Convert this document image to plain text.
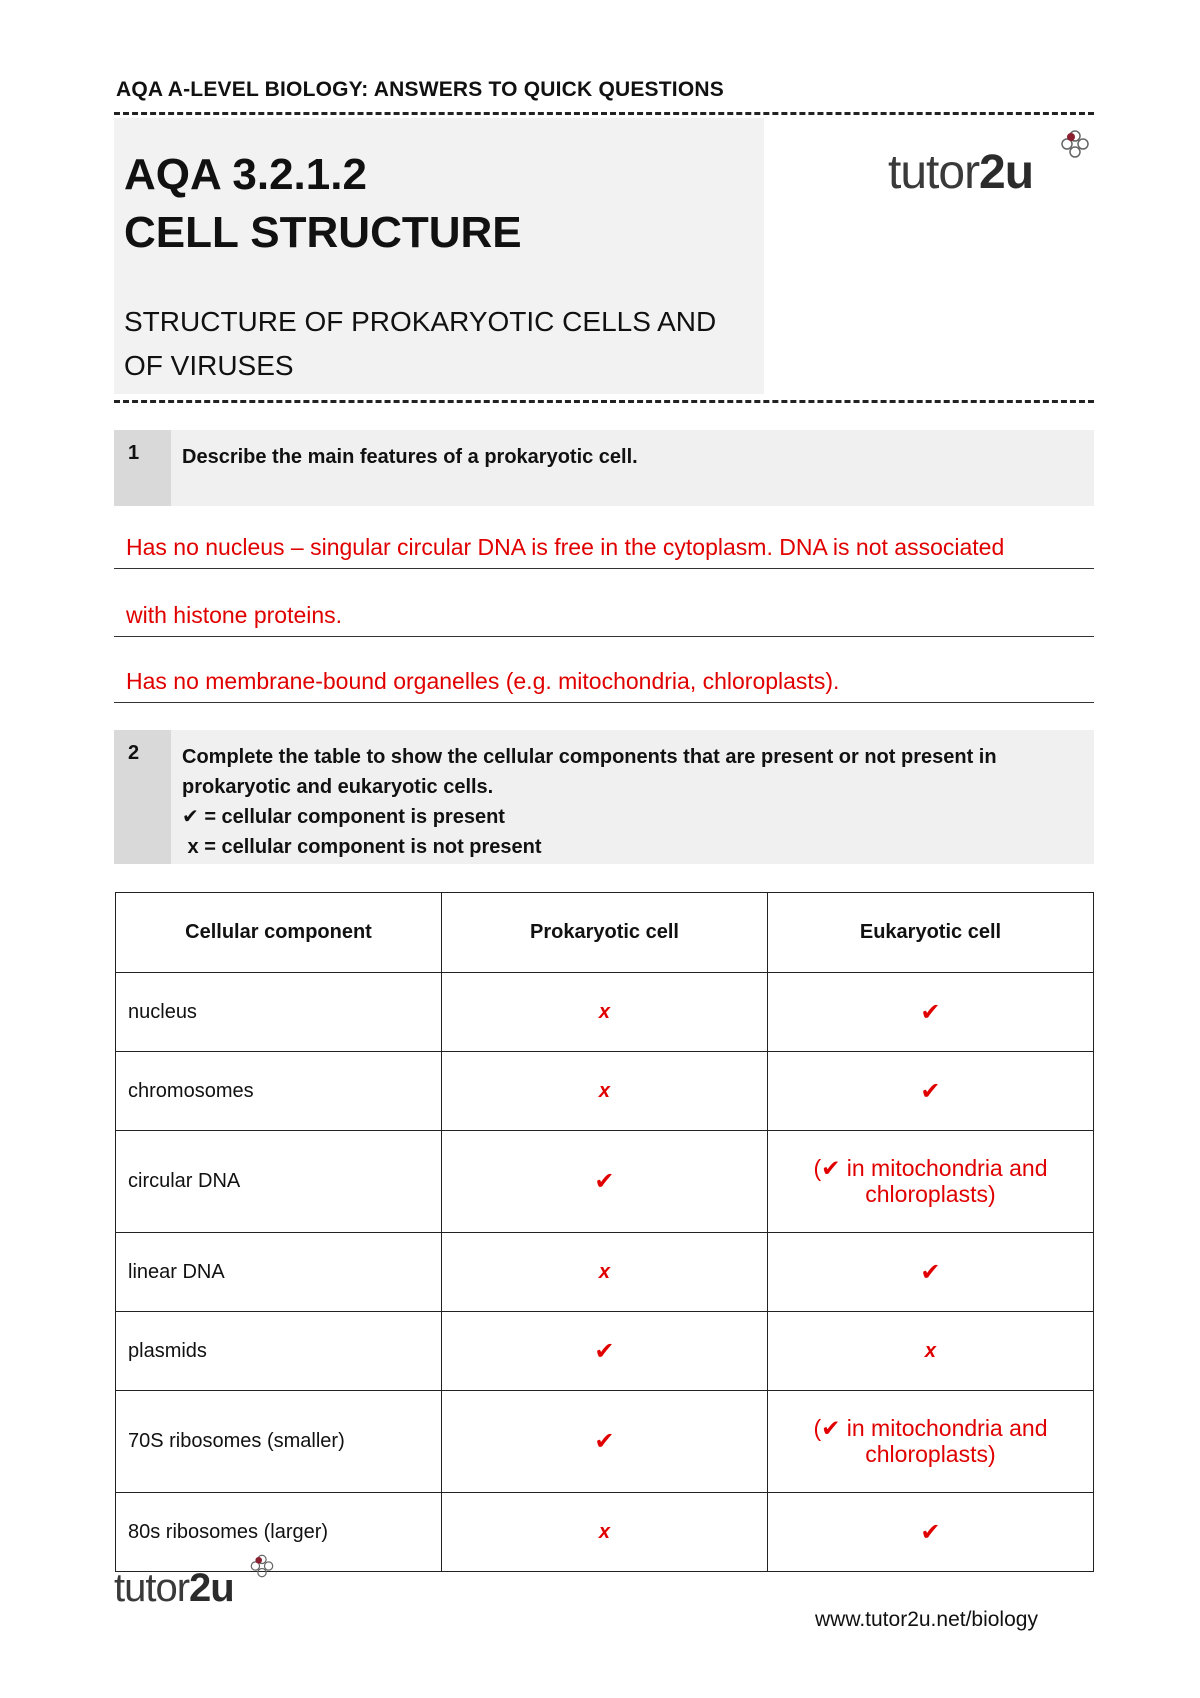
AQA A-LEVEL BIOLOGY: ANSWERS TO QUICK QUESTIONS
AQA 3.2.1.2
CELL STRUCTURE
STRUCTURE OF PROKARYOTIC CELLS AND OF VIRUSES
tutor2u
1 Describe the main features of a prokaryotic cell.
Has no nucleus – singular circular DNA is free in the cytoplasm. DNA is not associated
with histone proteins.
Has no membrane-bound organelles (e.g. mitochondria, chloroplasts).
2 Complete the table to show the cellular components that are present or not present in
prokaryotic and eukaryotic cells.
✔ = cellular component is present
x = cellular component is not present
Cellular component	Prokaryotic cell	Eukaryotic cell
nucleus	x	✔
chromosomes	x	✔
circular DNA	✔	(✔ in mitochondria and chloroplasts)
linear DNA	x	✔
plasmids	✔	x
70S ribosomes (smaller)	✔	(✔ in mitochondria and chloroplasts)
80s ribosomes (larger)	x	✔
tutor2u
www.tutor2u.net/biology
